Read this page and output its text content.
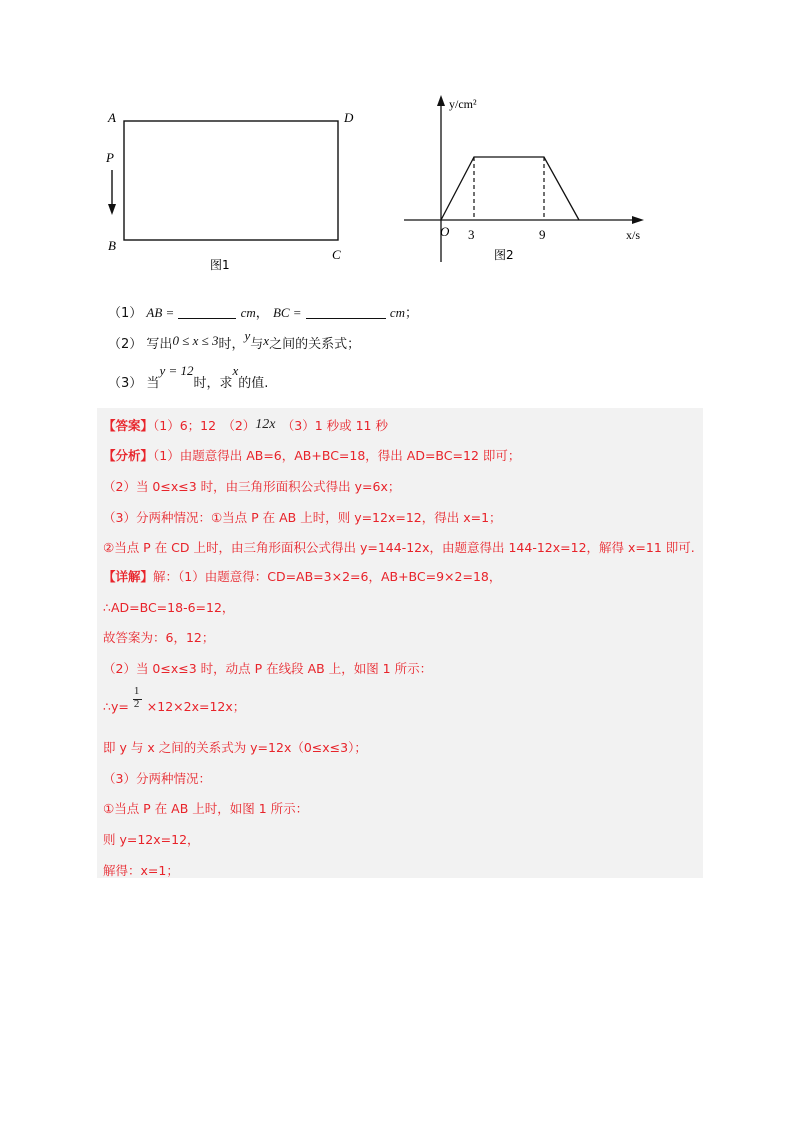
A	D
P
B
C
图1
y/cm²
O 3	9	x/s
图2
（1） AB =	cm， BC =	cm；
（2） 写出0 ≤ x ≤ 3时，y与x之间的关系式；
（3） 当y = 12时，求x的值.
【答案】（1）6；12　（2）12x　（3）1 秒或 11 秒
【分析】（1）由题意得出 AB=6，AB+BC=18，得出 AD=BC=12 即可；
（2）当 0≤x≤3 时，由三角形面积公式得出 y=6x；
（3）分两种情况：①当点 P 在 AB 上时，则 y=12x=12，得出 x=1；
②当点 P 在 CD 上时，由三角形面积公式得出 y=144-12x，由题意得出 144-12x=12，解得 x=11 即可.
【详解】解：（1）由题意得：CD=AB=3×2=6，AB+BC=9×2=18，
∴AD=BC=18-6=12，
故答案为：6，12；
（2）当 0≤x≤3 时，动点 P 在线段 AB 上，如图 1 所示：
∴y= $\frac{1}{2} \times 12\times 2x=12x$；
即 y 与 x 之间的关系式为 y=12x（0≤x≤3）；
（3）分两种情况：
①当点 P 在 AB 上时，如图 1 所示：
则 y=12x=12，
解得：x=1；
